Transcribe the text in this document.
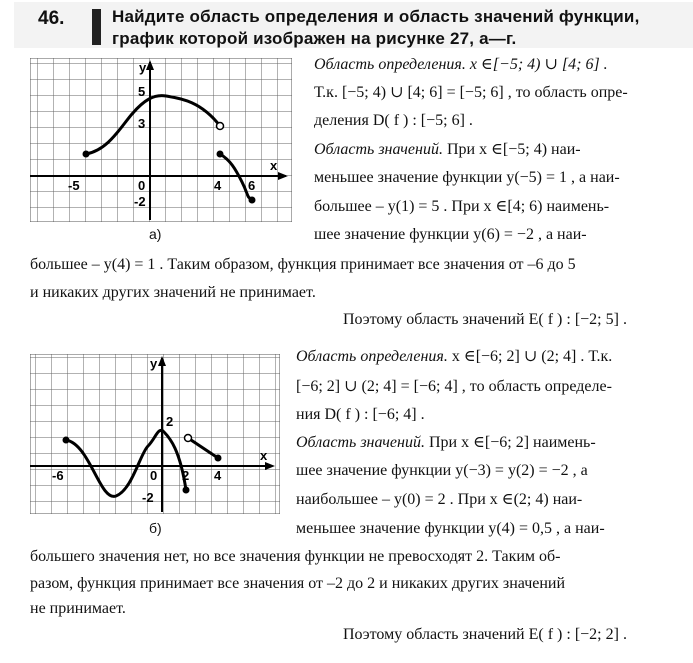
46.	Найдите область определения и область значений функции,
график которой изображен на рисунке 27, а—г.
y
x
5
3
-2
-5	0	4 6
а)
Область определения. x ∈[−5; 4) ∪ [4; 6] .
Т.к. [−5; 4) ∪ [4; 6] = [−5; 6] , то область опре-
деления D( f ) : [−5; 6] .
Область значений. При x ∈[−5; 4) наи-
меньшее значение функции y(−5) = 1 , а наи-
большее – y(1) = 5 . При x ∈[4; 6) наимень-
шее значение функции y(6) = −2 , а наи-
большее – y(4) = 1 . Таким образом, функция принимает все значения от –6 до 5
и никаких других значений не принимает.
Поэтому область значений E( f ) : [−2; 5] .
y
x
2
-2
-6	0 2 4
б)
Область определения. x ∈[−6; 2] ∪ (2; 4] . Т.к.
[−6; 2] ∪ (2; 4] = [−6; 4] , то область определе-
ния D( f ) : [−6; 4] .
Область значений. При x ∈[−6; 2] наимень-
шее значение функции y(−3) = y(2) = −2 , а
наибольшее – y(0) = 2 . При x ∈(2; 4) наи-
меньшее значение функции y(4) = 0,5 , а наи-
большего значения нет, но все значения функции не превосходят 2. Таким об-
разом, функция принимает все значения от –2 до 2 и никаких других значений
не принимает.
Поэтому область значений E( f ) : [−2; 2] .
